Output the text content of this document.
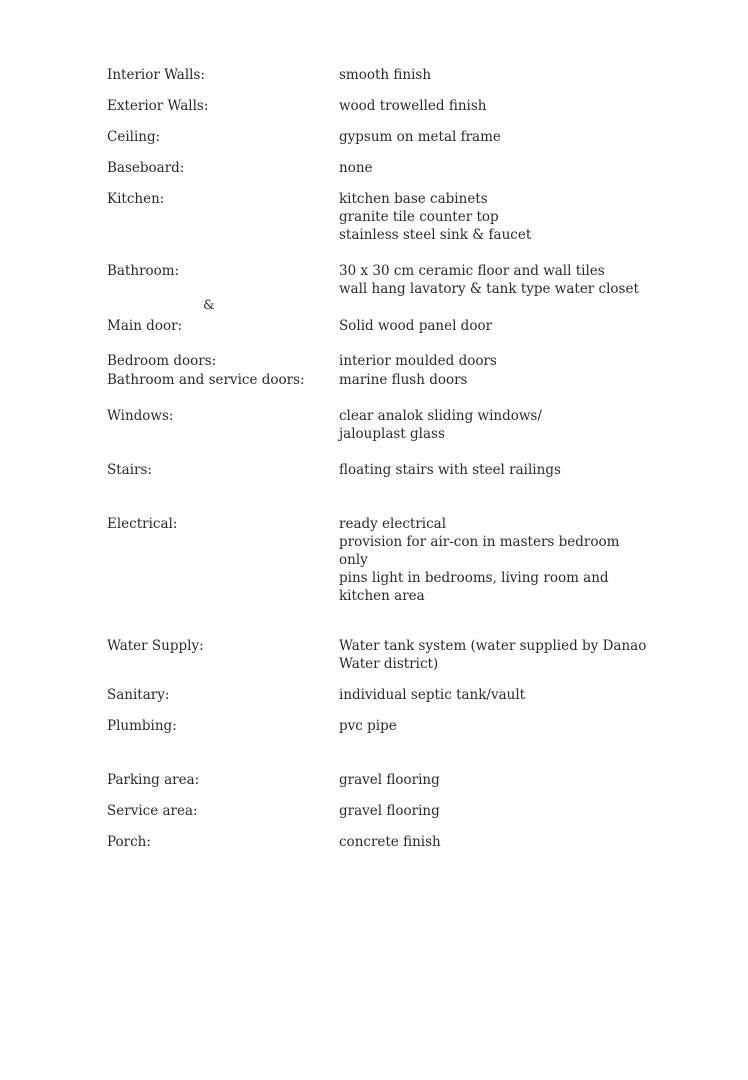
Interior Walls:	smooth finish
Exterior Walls:	wood trowelled finish
Ceiling:	gypsum on metal frame
Baseboard:	none
Kitchen:	kitchen base cabinets
granite tile counter top
stainless steel sink & faucet
Bathroom:	30 x 30 cm ceramic floor and wall tiles
wall hang lavatory & tank type water closet
Main door:	Solid wood panel door
Bedroom doors:	interior moulded doors
Bathroom and service doors:	marine flush doors
Windows:	clear analok sliding windows/
jalouplast glass
Stairs:	floating stairs with steel railings
Electrical:	ready electrical
provision for air-con in masters bedroom
only
pins light in bedrooms, living room and
kitchen area
Water Supply:	Water tank system (water supplied by Danao
Water district)
Sanitary:	individual septic tank/vault
Plumbing:	pvc pipe
Parking area:	gravel flooring
Service area:	gravel flooring
Porch:	concrete finish
&
